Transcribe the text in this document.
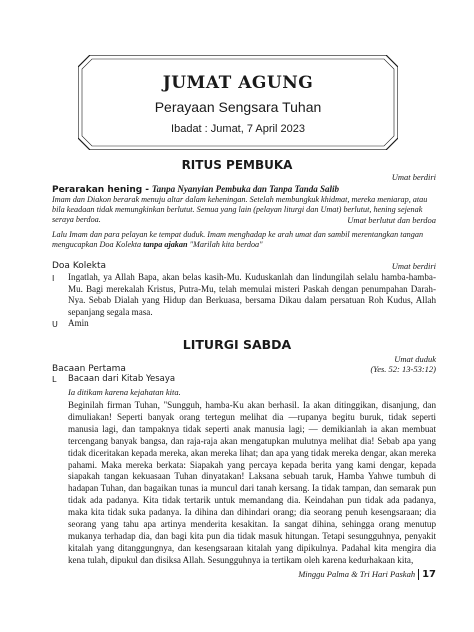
JUMAT AGUNG
Perayaan Sengsara Tuhan
Ibadat : Jumat, 7 April 2023
RITUS PEMBUKA
Umat berdiri
Perarakan hening - Tanpa Nyanyian Pembuka dan Tanpa Tanda Salib
Imam dan Diakon berarak menuju altar dalam keheningan. Setelah membungkuk khidmat, mereka meniarap, atau bila keadaan tidak memungkinkan berlutut. Semua yang lain (pelayan liturgi dan Umat) berlutut, hening sejenak seraya berdoa.	Umat berlutut dan berdoa
Lalu Imam dan para pelayan ke tempat duduk. Imam menghadap ke arah umat dan sambil merentangkan tangan mengucapkan Doa Kolekta tanpa ajakan "Marilah kita berdoa"
Doa Kolekta	Umat berdiri
I Ingatlah, ya Allah Bapa, akan belas kasih-Mu. Kuduskanlah dan lindungilah selalu hamba-hamba-Mu. Bagi merekalah Kristus, Putra-Mu, telah memulai misteri Paskah dengan penumpahan Darah-Nya. Sebab Dialah yang Hidup dan Berkuasa, bersama Dikau dalam persatuan Roh Kudus, Allah sepanjang segala masa.
U Amin
LITURGI SABDA
Umat duduk
Bacaan Pertama	(Yes. 52: 13-53:12)
L Bacaan dari Kitab Yesaya
Ia ditikam karena kejahatan kita.
Beginilah firman Tuhan, "Sungguh, hamba-Ku akan berhasil. Ia akan ditinggikan, disanjung, dan dimuliakan! Seperti banyak orang tertegun melihat dia —rupanya begitu buruk, tidak seperti manusia lagi, dan tampaknya tidak seperti anak manusia lagi; — demikianlah ia akan membuat tercengang banyak bangsa, dan raja-raja akan mengatupkan mulutnya melihat dia! Sebab apa yang tidak diceritakan kepada mereka, akan mereka lihat; dan apa yang tidak mereka dengar, akan mereka pahami. Maka mereka berkata: Siapakah yang percaya kepada berita yang kami dengar, kepada siapakah tangan kekuasaan Tuhan dinyatakan! Laksana sebuah taruk, Hamba Yahwe tumbuh di hadapan Tuhan, dan bagaikan tunas ia muncul dari tanah kersang. Ia tidak tampan, dan semarak pun tidak ada padanya. Kita tidak tertarik untuk memandang dia. Keindahan pun tidak ada padanya, maka kita tidak suka padanya. Ia dihina dan dihindari orang; dia seorang penuh kesengsaraan; dia seorang yang tahu apa artinya menderita kesakitan. Ia sangat dihina, sehingga orang menutup mukanya terhadap dia, dan bagi kita pun dia tidak masuk hitungan. Tetapi sesungguhnya, penyakit kitalah yang ditanggungnya, dan kesengsaraan kitalah yang dipikulnya. Padahal kita mengira dia kena tulah, dipukul dan disiksa Allah. Sesungguhnya ia tertikam oleh karena kedurhakaan kita,
Minggu Palma & Tri Hari Paskah 17
